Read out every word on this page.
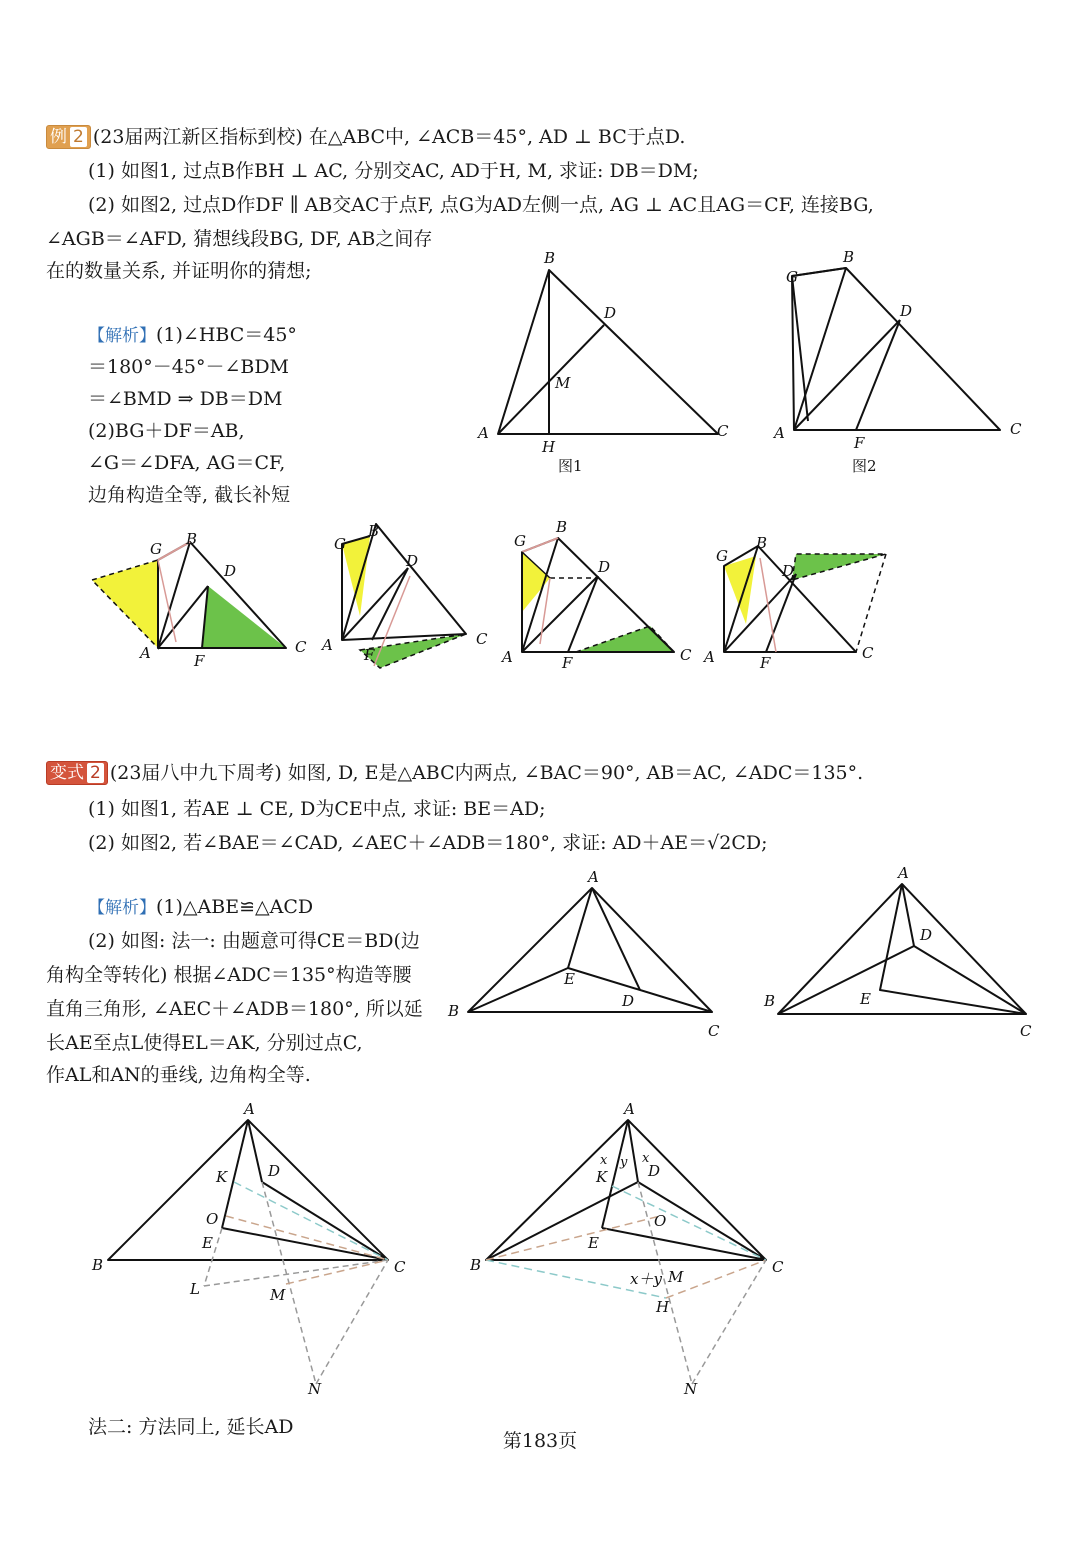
例 2 (23届两江新区指标到校) 在△ABC中, ∠ACB＝45°, AD ⊥ BC于点D.
(1) 如图1, 过点B作BH ⊥ AC, 分别交AC, AD于H, M, 求证: DB＝DM;
(2) 如图2, 过点D作DF ∥ AB交AC于点F, 点G为AD左侧一点, AG ⊥ AC且AG＝CF, 连接BG,
∠AGB＝∠AFD, 猜想线段BG, DF, AB之间存
在的数量关系, 并证明你的猜想;
【解析】(1)∠HBC＝45°
＝180°－45°－∠BDM
＝∠BMD ⇒ DB＝DM
(2)BG＋DF＝AB,
∠G＝∠DFA, AG＝CF,
边角构造全等, 截长补短
B
D
M
A
H
C
图1
G
B
D
A
F
C
图2
G
B
D
A	F
C
G
B
D
A
F
C
G
B
D
A	F	C
G
B
D
A	F
C
变式 2 (23届八中九下周考) 如图, D, E是△ABC内两点, ∠BAC＝90°, AB＝AC, ∠ADC＝135°.
(1) 如图1, 若AE ⊥ CE, D为CE中点, 求证: BE＝AD;
(2) 如图2, 若∠BAE＝∠CAD, ∠AEC＋∠ADB＝180°, 求证: AD＋AE＝√2CD;
【解析】(1)△ABE≌△ACD
(2) 如图: 法一: 由题意可得CE＝BD(边
角构全等转化) 根据∠ADC＝135°构造等腰
直角三角形, ∠AEC＋∠ADB＝180°, 所以延
长AE至点L使得EL＝AK, 分别过点C,
作AL和AN的垂线, 边角构全等.
A
B
E
D
C
A
B
D
E
C
A
D
K
O
E
B	C
L	M
N
A
x y x
D
K
O
E
B	C
x＋y M
H
N
法二: 方法同上, 延长AD
第183页
